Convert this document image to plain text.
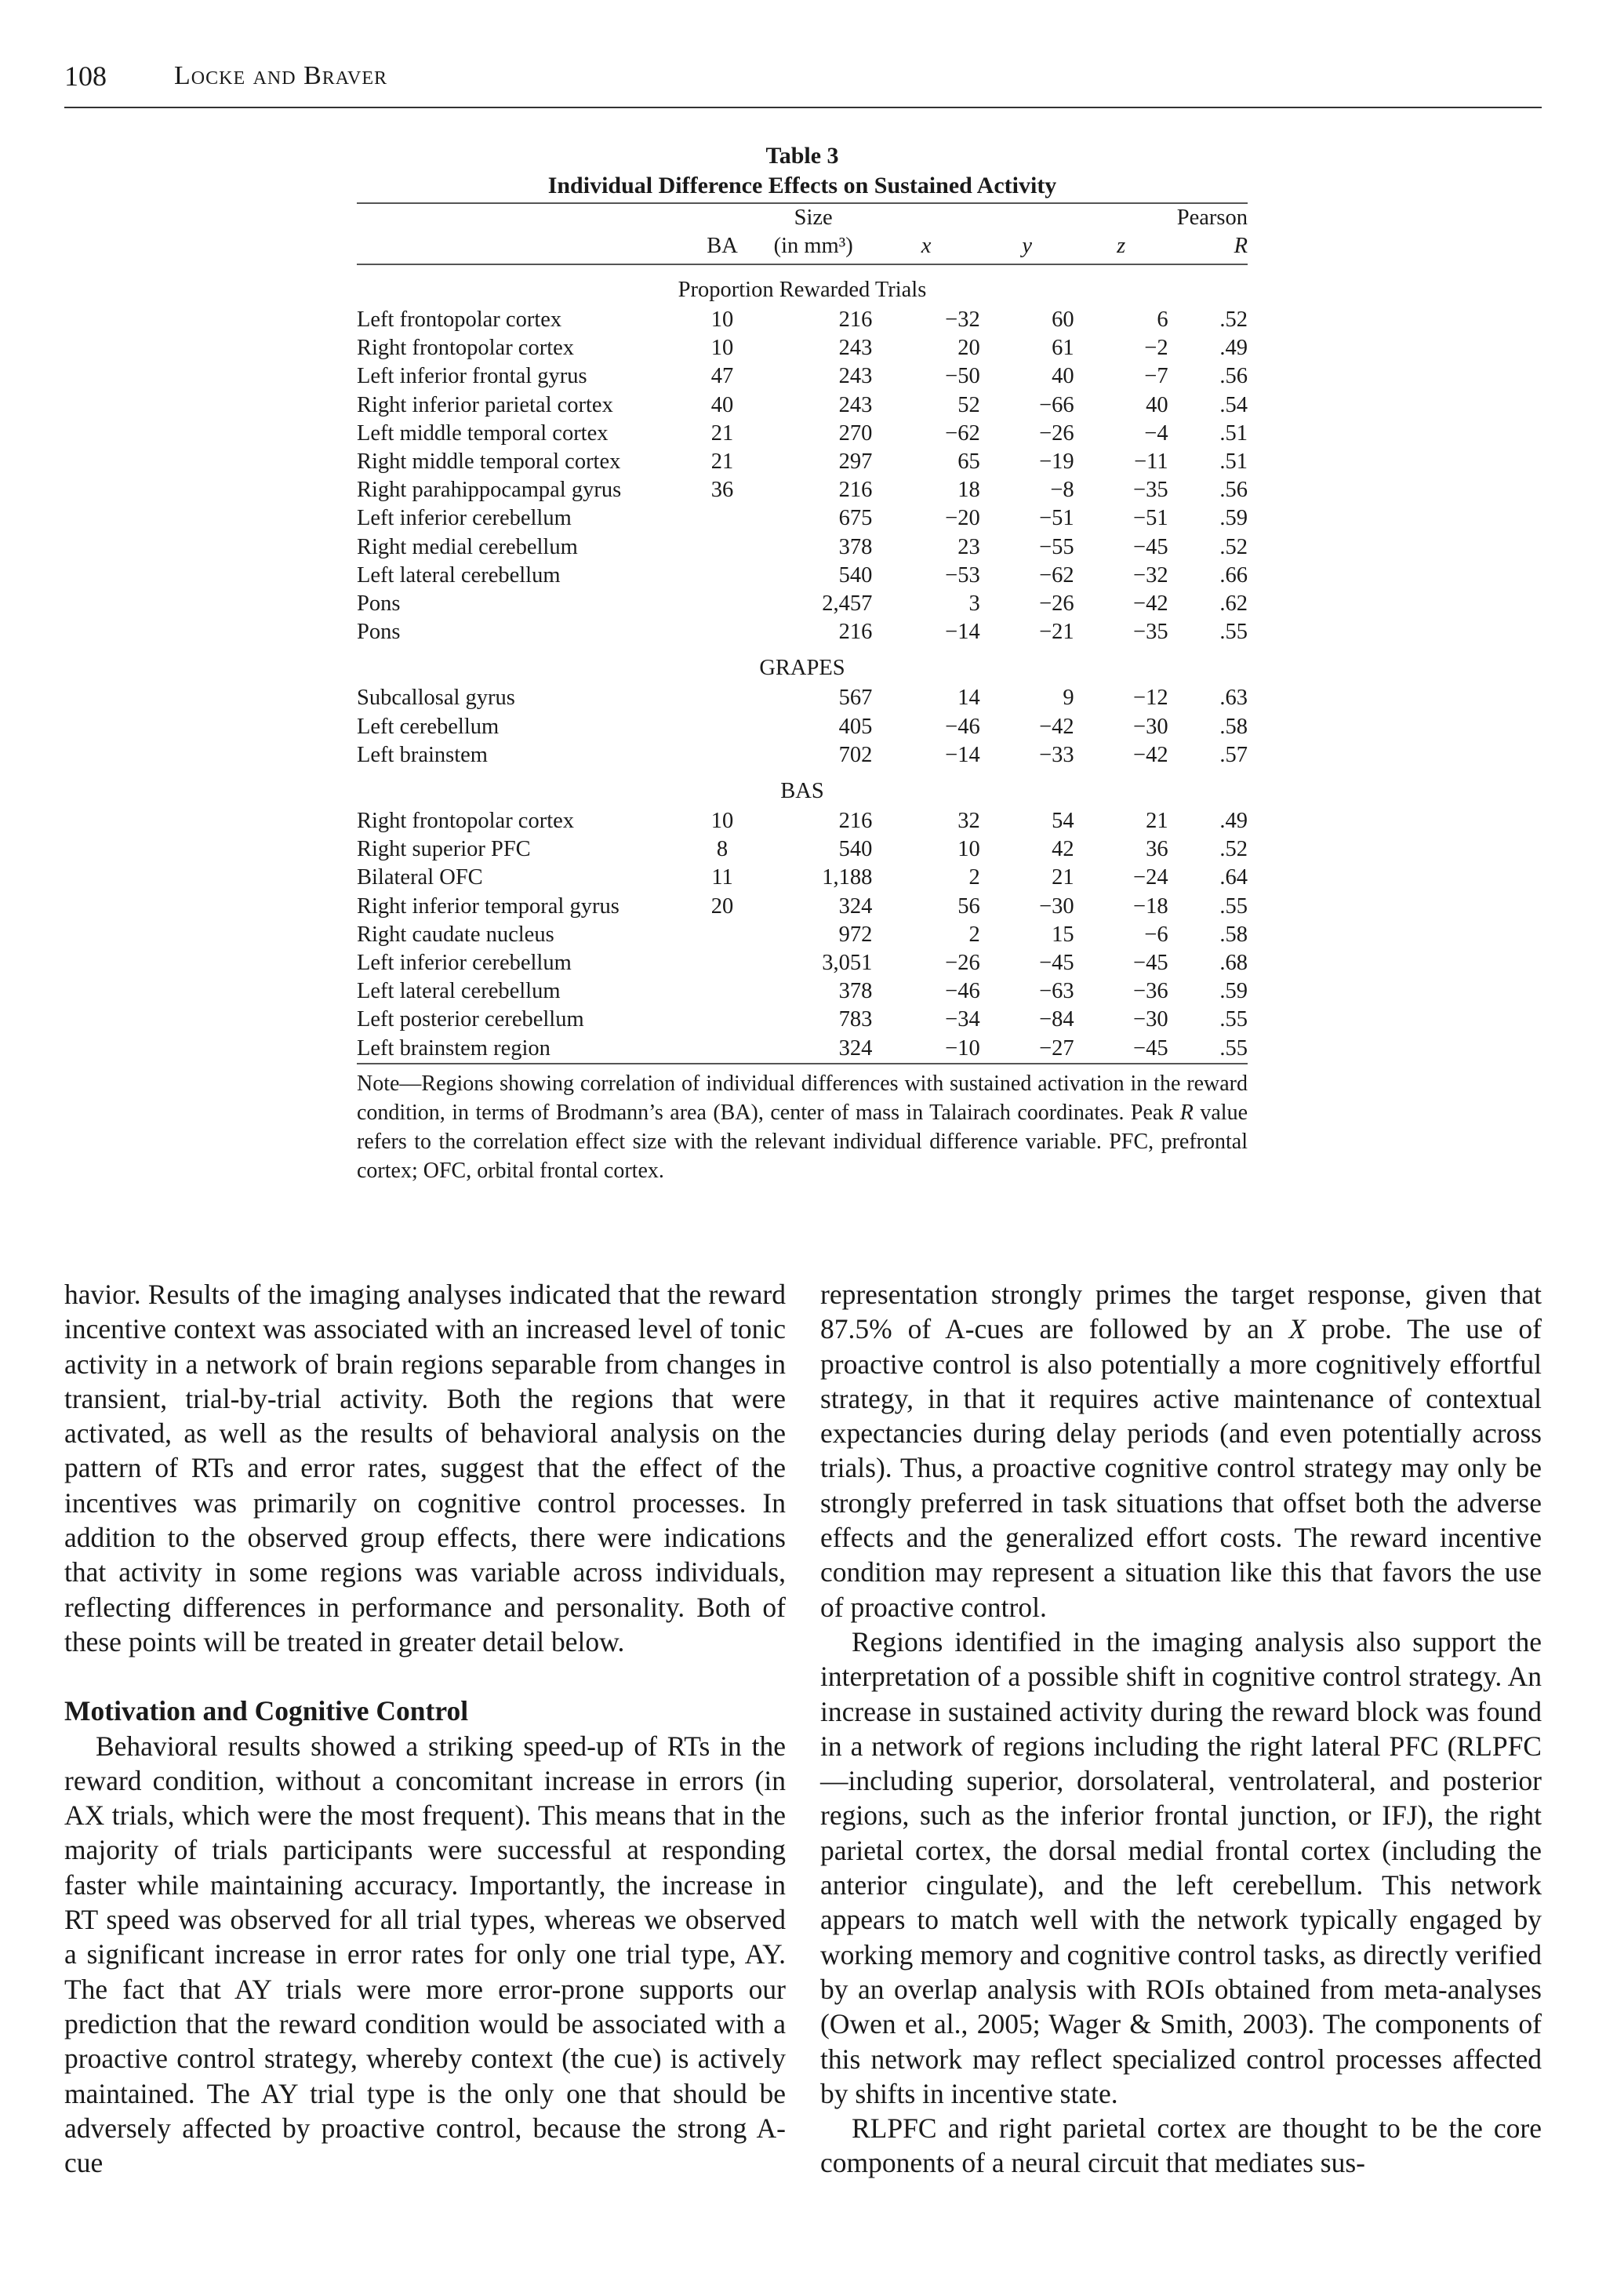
108	Locke and Braver
Table 3
Individual Difference Effects on Sustained Activity
		Size				Pearson
	BA	(in mm³)	x	y	z	R
Proportion Rewarded Trials						
Left frontopolar cortex	10	216	−32	60	6	.52
Right frontopolar cortex	10	243	20	61	−2	.49
Left inferior frontal gyrus	47	243	−50	40	−7	.56
Right inferior parietal cortex	40	243	52	−66	40	.54
Left middle temporal cortex	21	270	−62	−26	−4	.51
Right middle temporal cortex	21	297	65	−19	−11	.51
Right parahippocampal gyrus	36	216	18	−8	−35	.56
Left inferior cerebellum		675	−20	−51	−51	.59
Right medial cerebellum		378	23	−55	−45	.52
Left lateral cerebellum		540	−53	−62	−32	.66
Pons		2,457	3	−26	−42	.62
Pons		216	−14	−21	−35	.55
GRAPES						
Subcallosal gyrus		567	14	9	−12	.63
Left cerebellum		405	−46	−42	−30	.58
Left brainstem		702	−14	−33	−42	.57
BAS						
Right frontopolar cortex	10	216	32	54	21	.49
Right superior PFC	8	540	10	42	36	.52
Bilateral OFC	11	1,188	2	21	−24	.64
Right inferior temporal gyrus	20	324	56	−30	−18	.55
Right caudate nucleus		972	2	15	−6	.58
Left inferior cerebellum		3,051	−26	−45	−45	.68
Left lateral cerebellum		378	−46	−63	−36	.59
Left posterior cerebellum		783	−34	−84	−30	.55
Left brainstem region		324	−10	−27	−45	.55
Note—Regions showing correlation of individual differences with sustained activation in the reward condition, in terms of Brodmann’s area (BA), center of mass in Talairach coordinates. Peak R value refers to the correlation effect size with the relevant individual difference variable. PFC, prefrontal cortex; OFC, orbital frontal cortex.

havior. Results of the imaging analyses indicated that the reward incentive context was associated with an increased level of tonic activity in a network of brain regions separable from changes in transient, trial-by-trial activity. Both the regions that were activated, as well as the results of behavioral analysis on the pattern of RTs and error rates, suggest that the effect of the incentives was primarily on cognitive control processes. In addition to the observed group effects, there were indications that activity in some regions was variable across individuals, reflecting differences in performance and personality. Both of these points will be treated in greater detail below.

Motivation and Cognitive Control

Behavioral results showed a striking speed-up of RTs in the reward condition, without a concomitant increase in errors (in AX trials, which were the most frequent). This means that in the majority of trials participants were successful at responding faster while maintaining accuracy. Importantly, the increase in RT speed was observed for all trial types, whereas we observed a significant increase in error rates for only one trial type, AY. The fact that AY trials were more error-prone supports our prediction that the reward condition would be associated with a proactive control strategy, whereby context (the cue) is actively maintained. The AY trial type is the only one that should be adversely affected by proactive control, because the strong A-cue

representation strongly primes the target response, given that 87.5% of A-cues are followed by an X probe. The use of proactive control is also potentially a more cognitively effortful strategy, in that it requires active maintenance of contextual expectancies during delay periods (and even potentially across trials). Thus, a proactive cognitive control strategy may only be strongly preferred in task situations that offset both the adverse effects and the generalized effort costs. The reward incentive condition may represent a situation like this that favors the use of proactive control.

Regions identified in the imaging analysis also support the interpretation of a possible shift in cognitive control strategy. An increase in sustained activity during the reward block was found in a network of regions including the right lateral PFC (RLPFC—including superior, dorsolateral, ventrolateral, and posterior regions, such as the inferior frontal junction, or IFJ), the right parietal cortex, the dorsal medial frontal cortex (including the anterior cingulate), and the left cerebellum. This network appears to match well with the network typically engaged by working memory and cognitive control tasks, as directly verified by an overlap analysis with ROIs obtained from meta-analyses (Owen et al., 2005; Wager & Smith, 2003). The components of this network may reflect specialized control processes affected by shifts in incentive state.

RLPFC and right parietal cortex are thought to be the core components of a neural circuit that mediates sus-
